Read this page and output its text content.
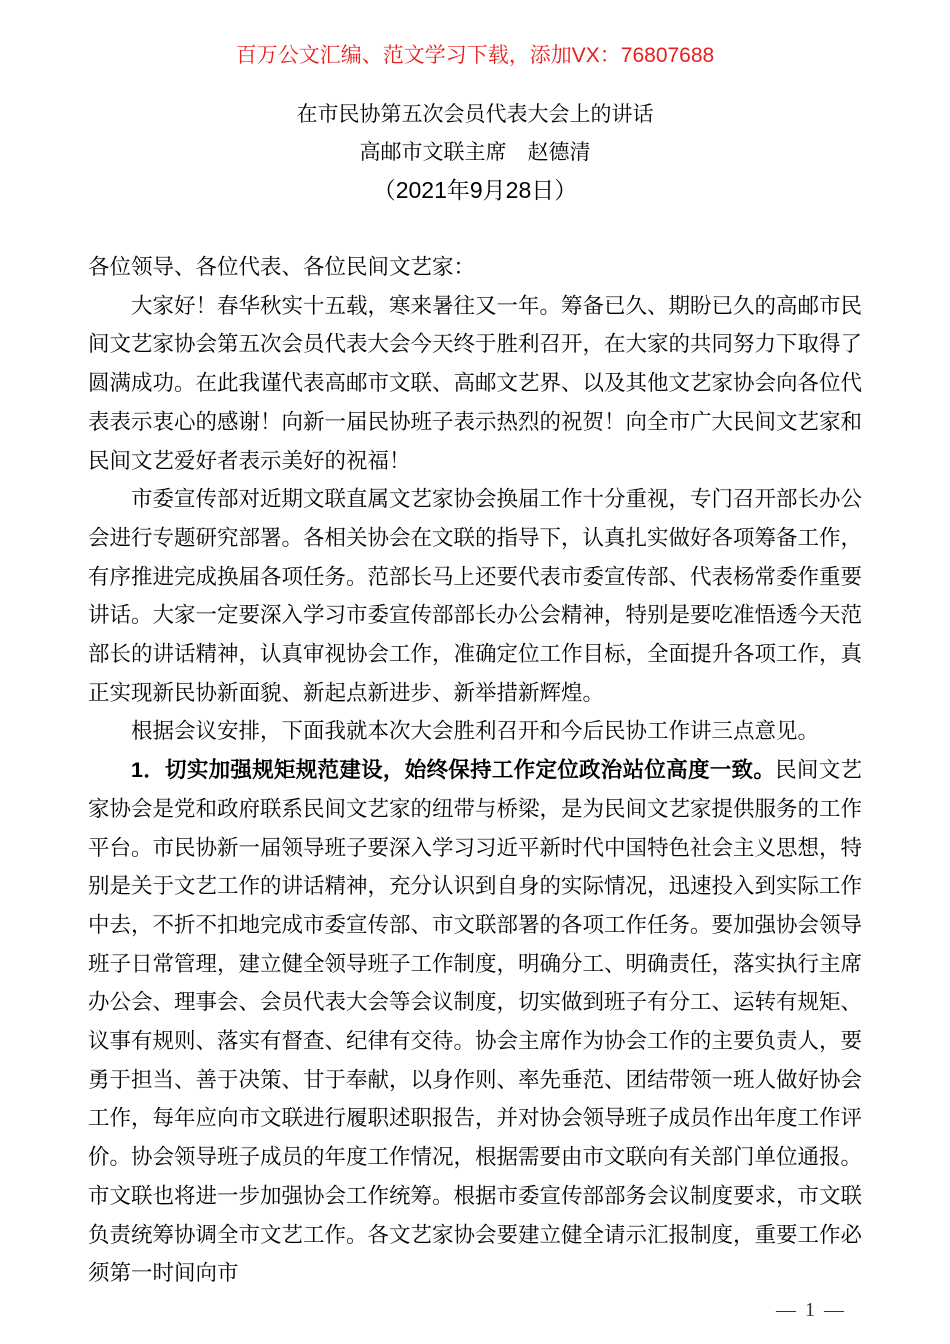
百万公文汇编、范文学习下载，添加VX：76807688
在市民协第五次会员代表大会上的讲话
高邮市文联主席　赵德清
（2021年9月28日）

各位领导、各位代表、各位民间文艺家：

大家好！春华秋实十五载，寒来暑往又一年。筹备已久、期盼已久的高邮市民间文艺家协会第五次会员代表大会今天终于胜利召开，在大家的共同努力下取得了圆满成功。在此我谨代表高邮市文联、高邮文艺界、以及其他文艺家协会向各位代表表示衷心的感谢！向新一届民协班子表示热烈的祝贺！向全市广大民间文艺家和民间文艺爱好者表示美好的祝福！

市委宣传部对近期文联直属文艺家协会换届工作十分重视，专门召开部长办公会进行专题研究部署。各相关协会在文联的指导下，认真扎实做好各项筹备工作，有序推进完成换届各项任务。范部长马上还要代表市委宣传部、代表杨常委作重要讲话。大家一定要深入学习市委宣传部部长办公会精神，特别是要吃准悟透今天范部长的讲话精神，认真审视协会工作，准确定位工作目标，全面提升各项工作，真正实现新民协新面貌、新起点新进步、新举措新辉煌。

根据会议安排，下面我就本次大会胜利召开和今后民协工作讲三点意见。

1．切实加强规矩规范建设，始终保持工作定位政治站位高度一致。民间文艺家协会是党和政府联系民间文艺家的纽带与桥梁，是为民间文艺家提供服务的工作平台。市民协新一届领导班子要深入学习习近平新时代中国特色社会主义思想，特别是关于文艺工作的讲话精神，充分认识到自身的实际情况，迅速投入到实际工作中去，不折不扣地完成市委宣传部、市文联部署的各项工作任务。要加强协会领导班子日常管理，建立健全领导班子工作制度，明确分工、明确责任，落实执行主席办公会、理事会、会员代表大会等会议制度，切实做到班子有分工、运转有规矩、议事有规则、落实有督查、纪律有交待。协会主席作为协会工作的主要负责人，要勇于担当、善于决策、甘于奉献，以身作则、率先垂范、团结带领一班人做好协会工作，每年应向市文联进行履职述职报告，并对协会领导班子成员作出年度工作评价。协会领导班子成员的年度工作情况，根据需要由市文联向有关部门单位通报。市文联也将进一步加强协会工作统筹。根据市委宣传部部务会议制度要求，市文联负责统筹协调全市文艺工作。各文艺家协会要建立健全请示汇报制度，重要工作必须第一时间向市

— 1 —
